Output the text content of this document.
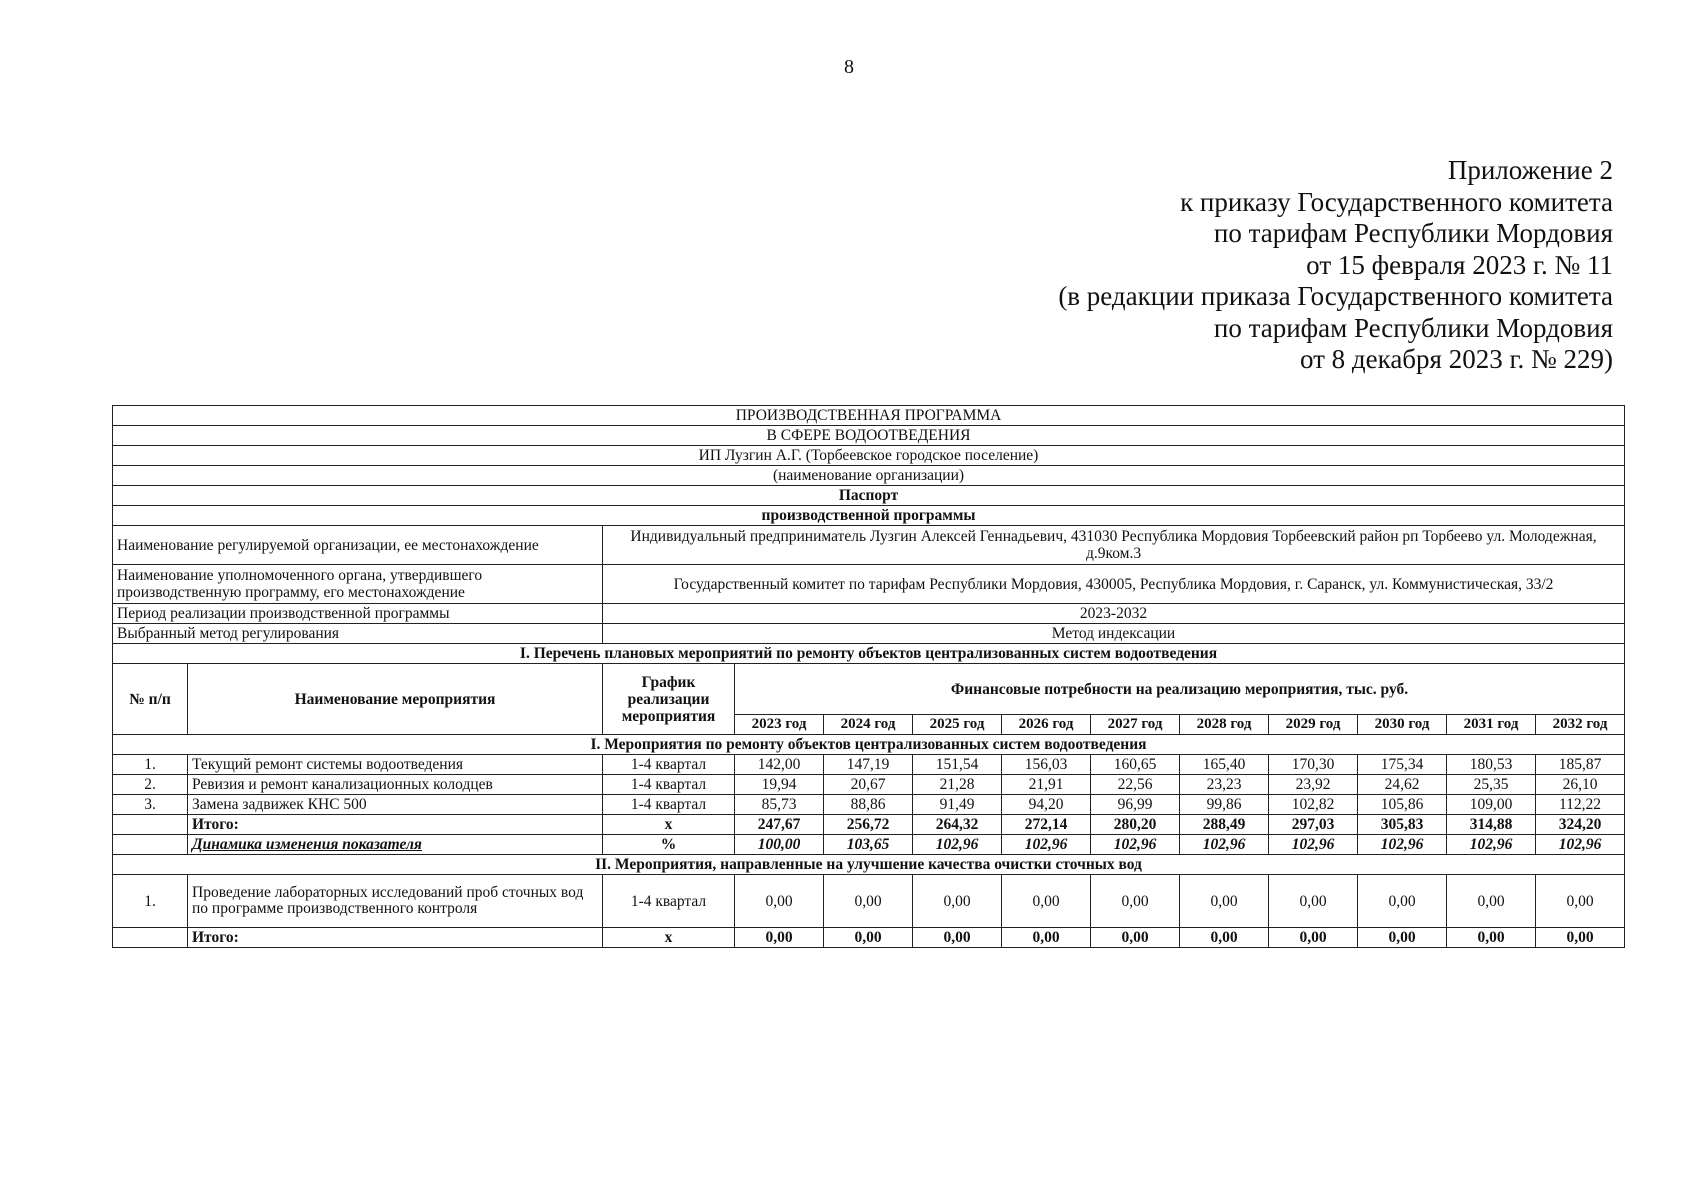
8
Приложение 2
к приказу Государственного комитета
по тарифам Республики Мордовия
от 15 февраля 2023 г. № 11
(в редакции приказа Государственного комитета
по тарифам Республики Мордовия
от 8 декабря 2023 г. № 229)
ПРОИЗВОДСТВЕННАЯ ПРОГРАММА												
В СФЕРЕ ВОДООТВЕДЕНИЯ												
ИП Лузгин А.Г. (Торбеевское городское поселение)												
(наименование организации)												
Паспорт												
производственной программы												
Наименование регулируемой организации, ее местонахождение		Индивидуальный предприниматель Лузгин Алексей Геннадьевич, 431030 Республика Мордовия Торбеевский район рп Торбеево ул. Молодежная, д.9ком.3										
Наименование уполномоченного органа, утвердившего производственную программу, его местонахождение		Государственный комитет по тарифам Республики Мордовия, 430005, Республика Мордовия, г. Саранск, ул. Коммунистическая, 33/2										
Период реализации производственной программы		2023-2032										
Выбранный метод регулирования		Метод индексации										
I. Перечень плановых мероприятий по ремонту объектов централизованных систем водоотведения												
№ п/п	Наименование мероприятия	График реализации мероприятия	Финансовые потребности на реализацию мероприятия, тыс. руб.									
			2023 год	2024 год	2025 год	2026 год	2027 год	2028 год	2029 год	2030 год	2031 год	2032 год
I. Мероприятия по ремонту объектов централизованных систем водоотведения												
1.	Текущий ремонт системы водоотведения	1-4 квартал	142,00	147,19	151,54	156,03	160,65	165,40	170,30	175,34	180,53	185,87
2.	Ревизия и ремонт канализационных колодцев	1-4 квартал	19,94	20,67	21,28	21,91	22,56	23,23	23,92	24,62	25,35	26,10
3.	Замена задвижек КНС 500	1-4 квартал	85,73	88,86	91,49	94,20	96,99	99,86	102,82	105,86	109,00	112,22
	Итого:	x	247,67	256,72	264,32	272,14	280,20	288,49	297,03	305,83	314,88	324,20
	Динамика изменения показателя	%	100,00	103,65	102,96	102,96	102,96	102,96	102,96	102,96	102,96	102,96
II. Мероприятия, направленные на улучшение качества очистки сточных вод												
1.	Проведение лабораторных исследований проб сточных вод по программе производственного контроля	1-4 квартал	0,00	0,00	0,00	0,00	0,00	0,00	0,00	0,00	0,00	0,00
	Итого:	x	0,00	0,00	0,00	0,00	0,00	0,00	0,00	0,00	0,00	0,00
